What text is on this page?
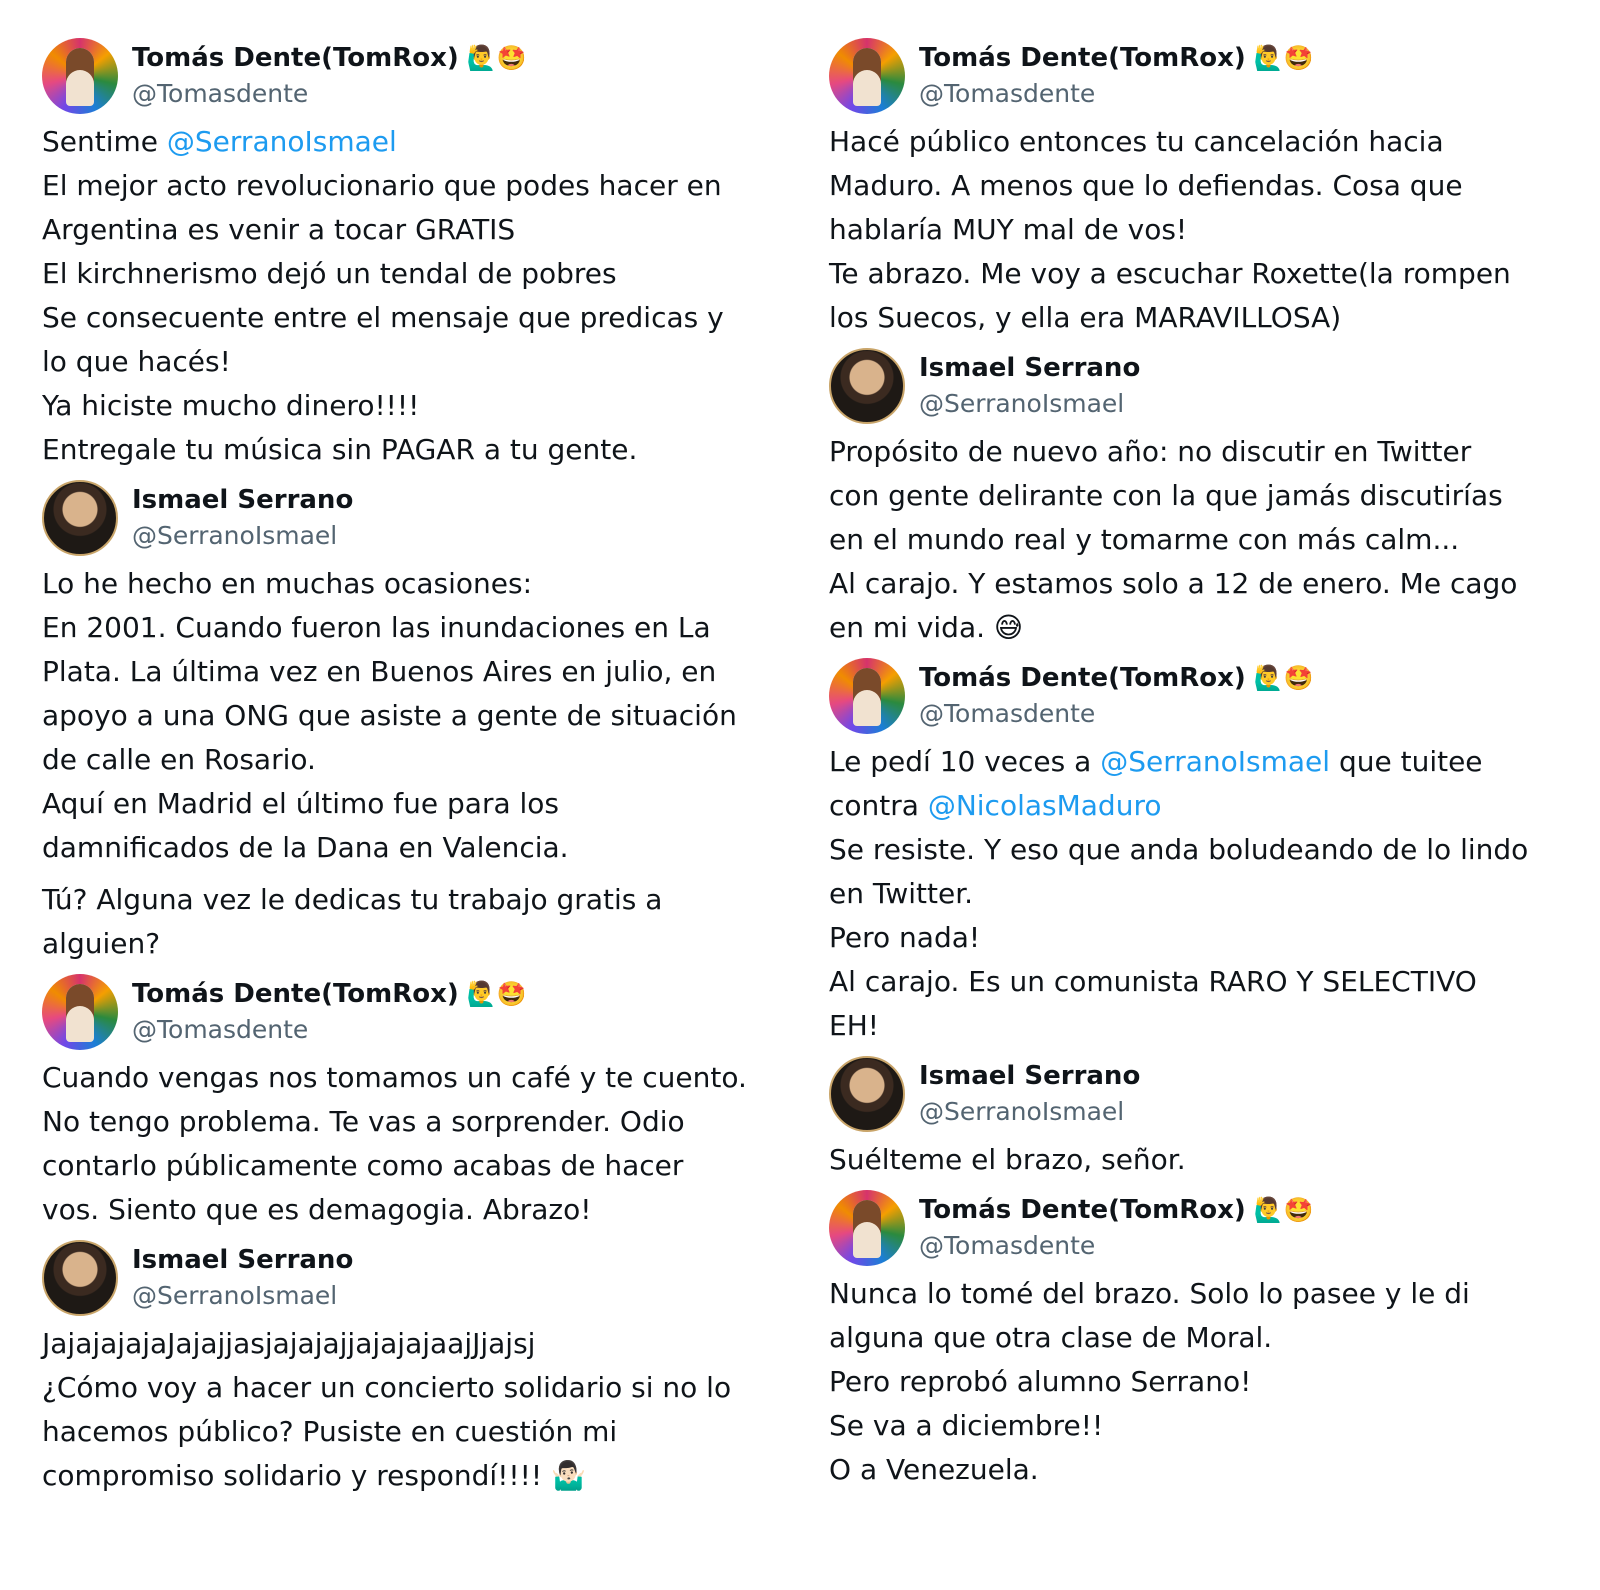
Tomás Dente(TomRox) 🙋‍♂️🤩
@Tomasdente
Sentime @SerranoIsmael
El mejor acto revolucionario que podes hacer en
Argentina es venir a tocar GRATIS
El kirchnerismo dejó un tendal de pobres
Se consecuente entre el mensaje que predicas y
lo que hacés!
Ya hiciste mucho dinero!!!!
Entregale tu música sin PAGAR a tu gente.
Ismael Serrano
@SerranoIsmael
Lo he hecho en muchas ocasiones:
En 2001. Cuando fueron las inundaciones en La
Plata. La última vez en Buenos Aires en julio, en
apoyo a una ONG que asiste a gente de situación
de calle en Rosario.
Aquí en Madrid el último fue para los
damnificados de la Dana en Valencia.
Tú? Alguna vez le dedicas tu trabajo gratis a
alguien?
Tomás Dente(TomRox) 🙋‍♂️🤩
@Tomasdente
Cuando vengas nos tomamos un café y te cuento.
No tengo problema. Te vas a sorprender. Odio
contarlo públicamente como acabas de hacer
vos. Siento que es demagogia. Abrazo!
Ismael Serrano
@SerranoIsmael
JajajajajaJajajjasjajajajjajajajaajJjajsj
¿Cómo voy a hacer un concierto solidario si no lo
hacemos público? Pusiste en cuestión mi
compromiso solidario y respondí!!!! 🤷🏻‍♂️
Tomás Dente(TomRox) 🙋‍♂️🤩
@Tomasdente
Hacé público entonces tu cancelación hacia
Maduro. A menos que lo defiendas. Cosa que
hablaría MUY mal de vos!
Te abrazo. Me voy a escuchar Roxette(la rompen
los Suecos, y ella era MARAVILLOSA)
Ismael Serrano
@SerranoIsmael
Propósito de nuevo año: no discutir en Twitter
con gente delirante con la que jamás discutirías
en el mundo real y tomarme con más calm...
Al carajo. Y estamos solo a 12 de enero. Me cago
en mi vida. 😅
Tomás Dente(TomRox) 🙋‍♂️🤩
@Tomasdente
Le pedí 10 veces a @SerranoIsmael que tuitee
contra @NicolasMaduro
Se resiste. Y eso que anda boludeando de lo lindo
en Twitter.
Pero nada!
Al carajo. Es un comunista RARO Y SELECTIVO
EH!
Ismael Serrano
@SerranoIsmael
Suélteme el brazo, señor.
Tomás Dente(TomRox) 🙋‍♂️🤩
@Tomasdente
Nunca lo tomé del brazo. Solo lo pasee y le di
alguna que otra clase de Moral.
Pero reprobó alumno Serrano!
Se va a diciembre!!
O a Venezuela.
